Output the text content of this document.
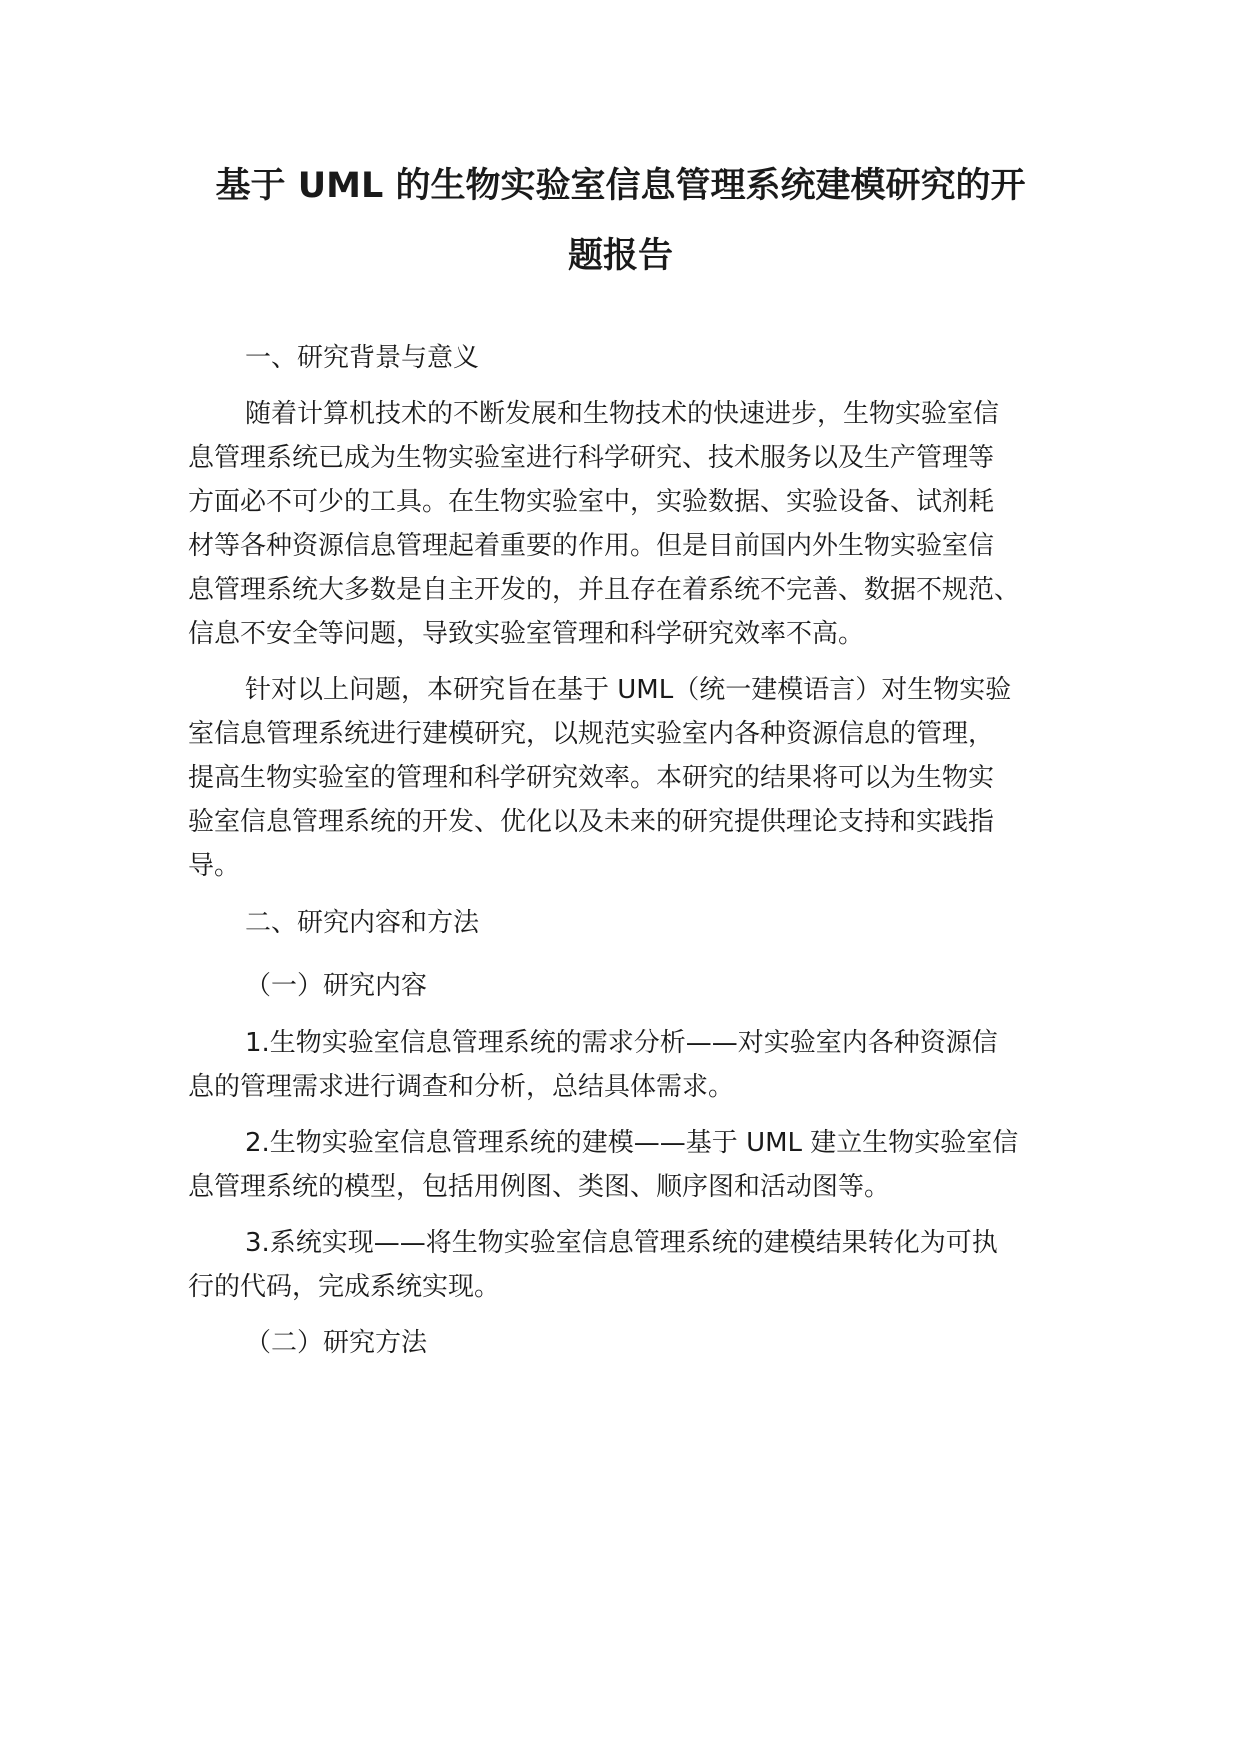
基于 UML 的生物实验室信息管理系统建模研究的开
题报告

一、研究背景与意义

随着计算机技术的不断发展和生物技术的快速进步，生物实验室信

息管理系统已成为生物实验室进行科学研究、技术服务以及生产管理等

方面必不可少的工具。在生物实验室中，实验数据、实验设备、试剂耗

材等各种资源信息管理起着重要的作用。但是目前国内外生物实验室信

息管理系统大多数是自主开发的，并且存在着系统不完善、数据不规范、

信息不安全等问题，导致实验室管理和科学研究效率不高。

针对以上问题，本研究旨在基于 UML（统一建模语言）对生物实验

室信息管理系统进行建模研究，以规范实验室内各种资源信息的管理，

提高生物实验室的管理和科学研究效率。本研究的结果将可以为生物实

验室信息管理系统的开发、优化以及未来的研究提供理论支持和实践指

导。

二、研究内容和方法

（一）研究内容

1.生物实验室信息管理系统的需求分析——对实验室内各种资源信

息的管理需求进行调查和分析，总结具体需求。

2.生物实验室信息管理系统的建模——基于 UML 建立生物实验室信

息管理系统的模型，包括用例图、类图、顺序图和活动图等。

3.系统实现——将生物实验室信息管理系统的建模结果转化为可执

行的代码，完成系统实现。

（二）研究方法
